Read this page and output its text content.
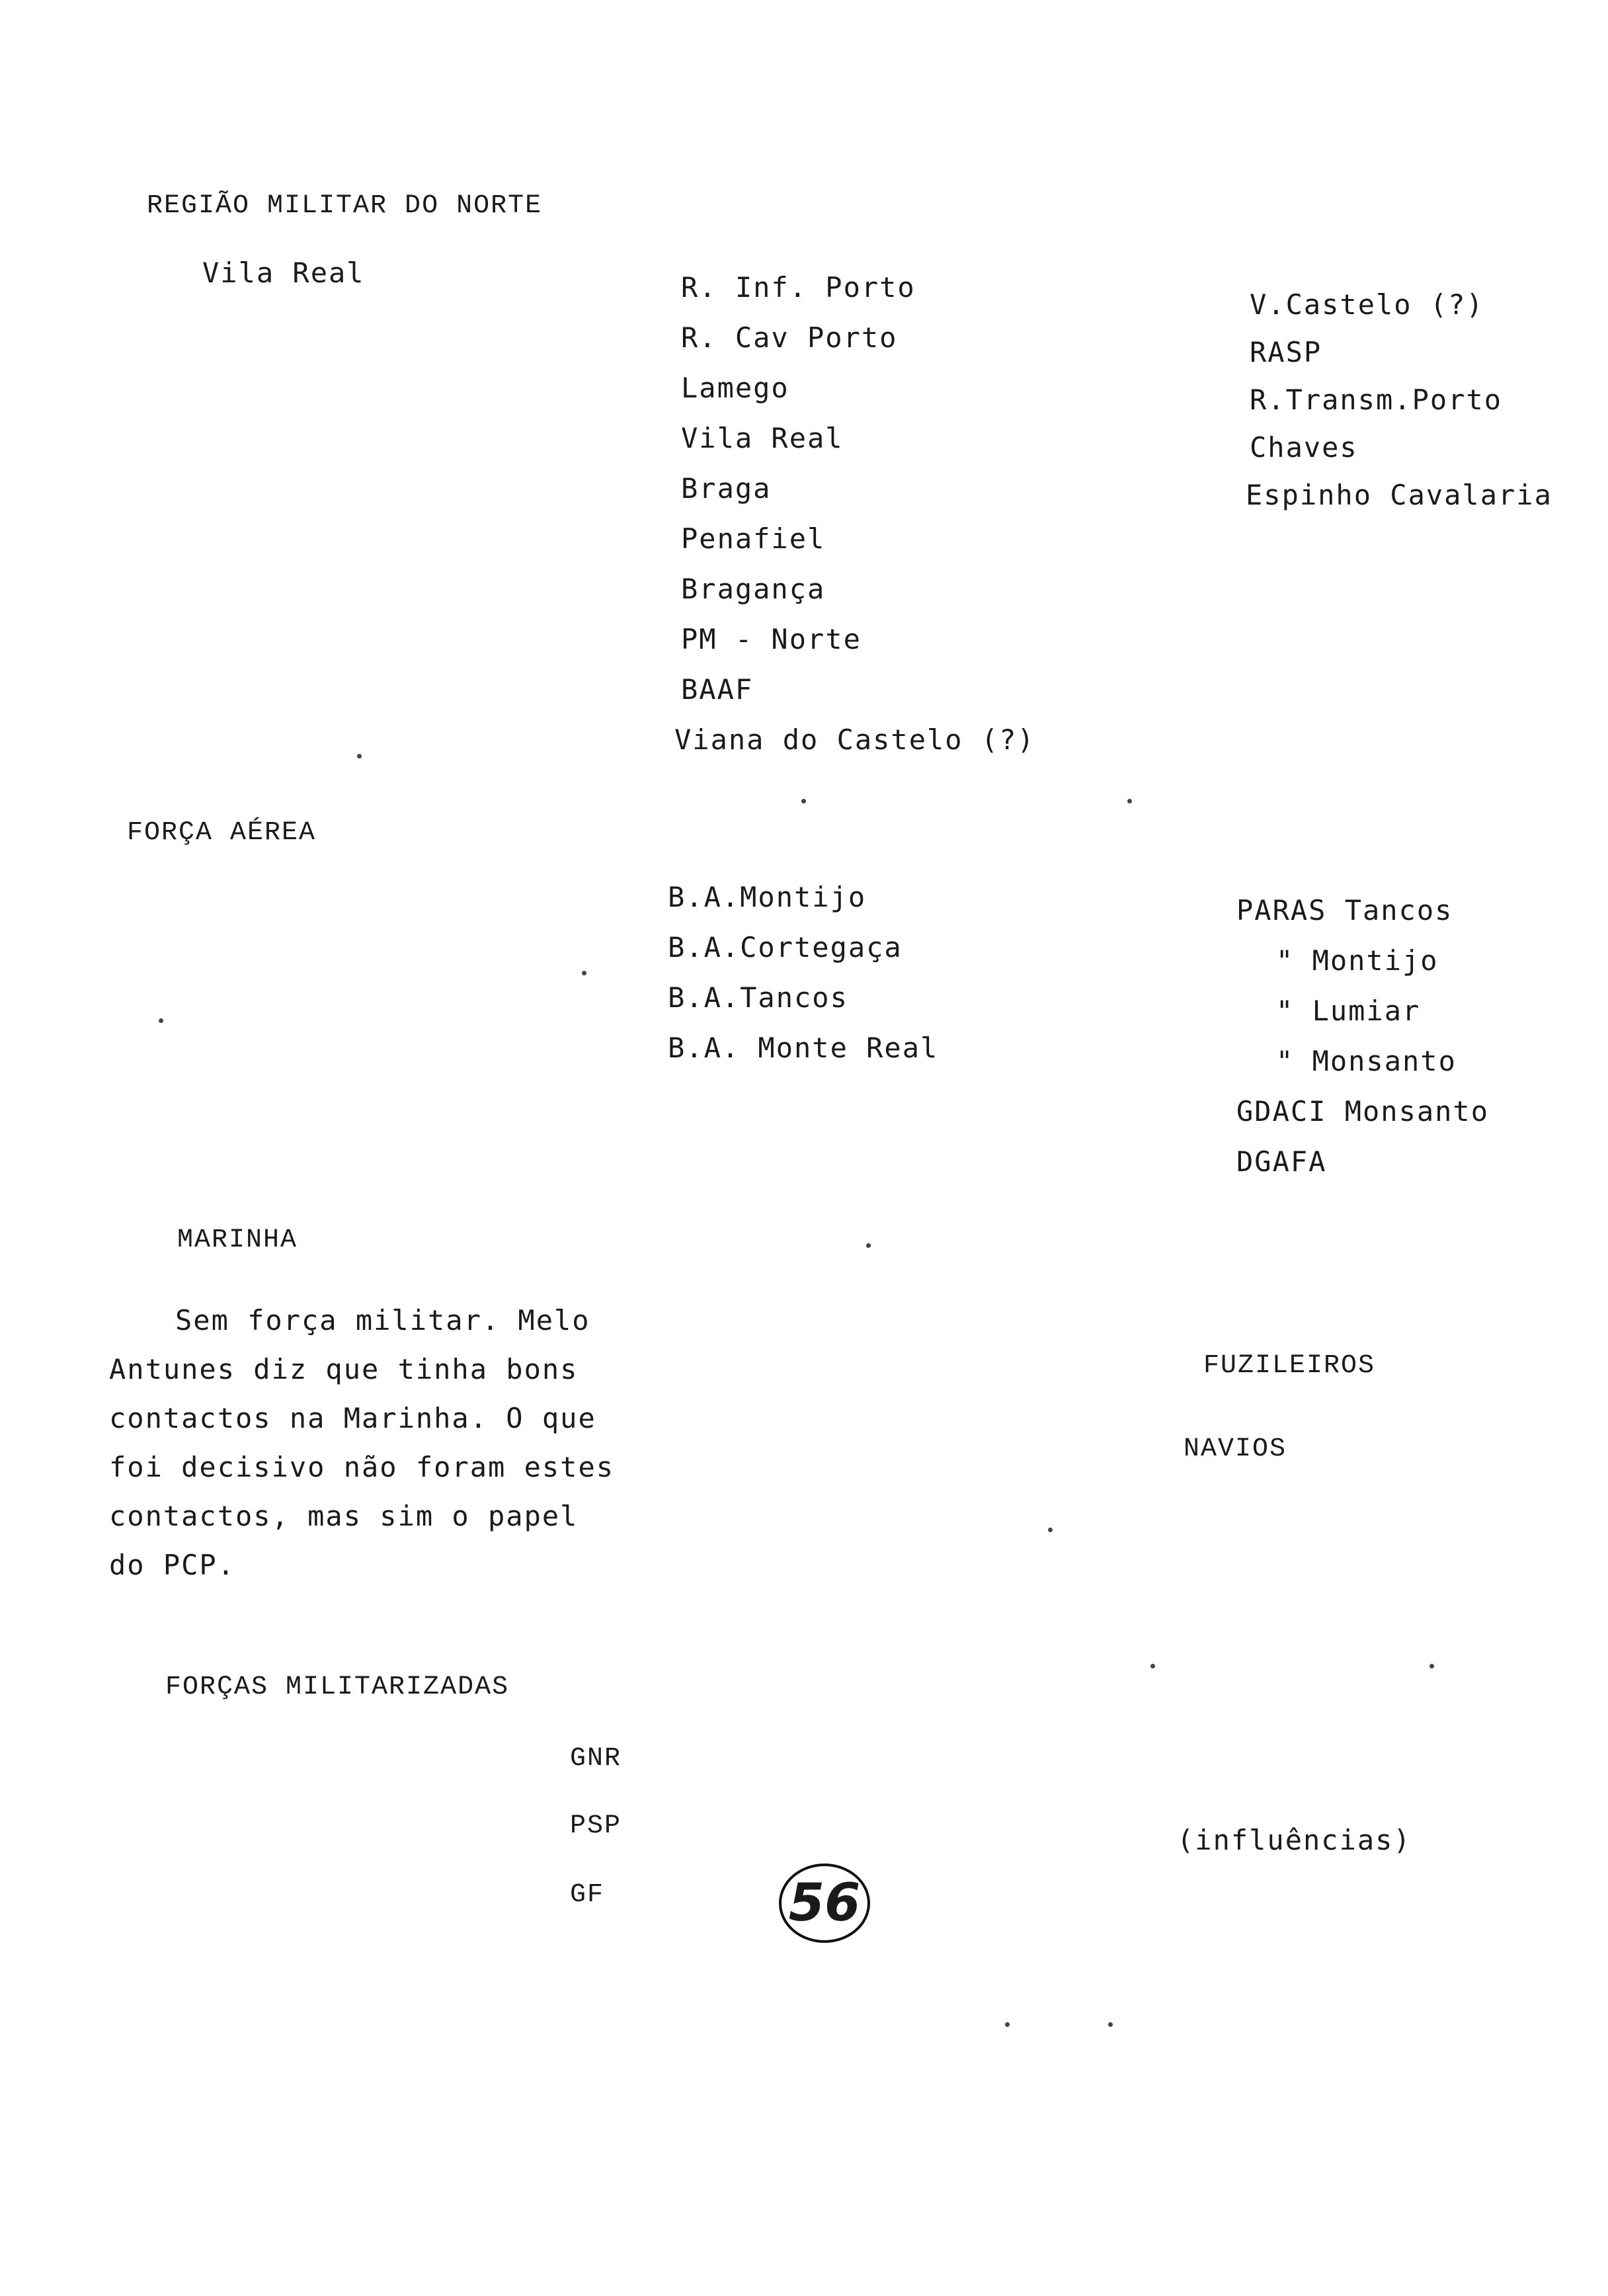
REGIÃO MILITAR DO NORTE
Vila Real	R. Inf. Porto
R. Cav Porto
Lamego
Vila Real
Braga
Penafiel
Bragança
PM - Norte
BAAF
Viana do Castelo (?)
V.Castelo (?)
RASP
R.Transm.Porto
Chaves
Espinho Cavalaria
FORÇA AÉREA
B.A.Montijo
B.A.Cortegaça
B.A.Tancos
B.A. Monte Real
PARAS Tancos
" Montijo
" Lumiar
" Monsanto
GDACI Monsanto
DGAFA
MARINHA
Sem força militar. Melo
Antunes diz que tinha bons
contactos na Marinha. O que
foi decisivo não foram estes
contactos, mas sim o papel
do PCP.
FUZILEIROS
NAVIOS
FORÇAS MILITARIZADAS
GNR
PSP
GF
(influências)
56
